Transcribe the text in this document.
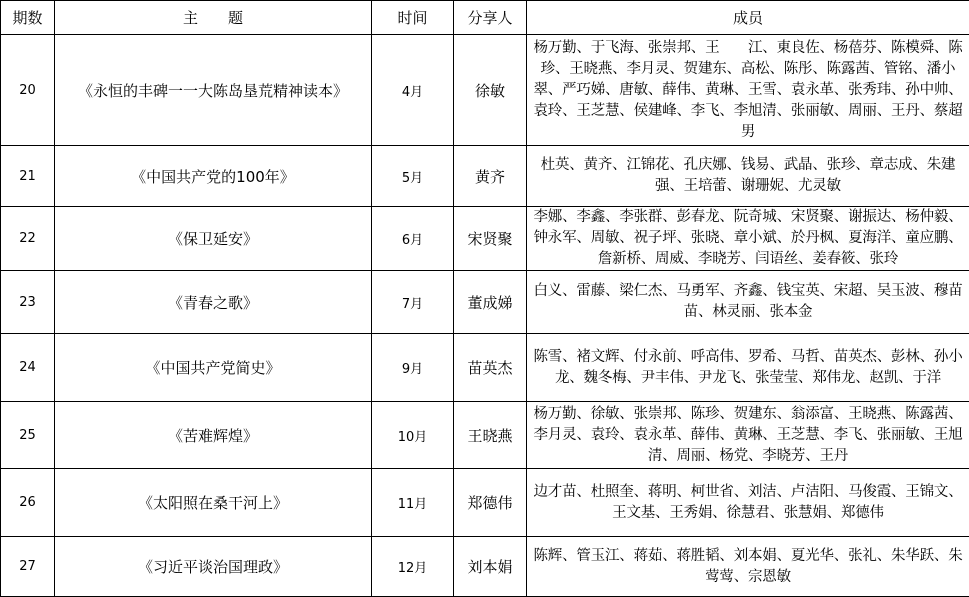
期数	主　　题	时间	分享人	成员
20	《永恒的丰碑一一大陈岛垦荒精神读本》	4月	徐敏	杨万勤、于飞海、张崇邦、王　　江、東良佐、杨蓓芬、陈模舜、陈珍、王晓燕、李月灵、贺建东、高松、陈彤、陈露茜、管铭、潘小翠、严巧娣、唐敏、薛伟、黄琳、王雪、袁永革、张秀玮、孙中帅、袁玲、王芝慧、侯建峰、李飞、李旭清、张丽敏、周丽、王丹、蔡超男
21	《中国共产党的100年》	5月	黄齐	杜英、黄齐、江锦花、孔庆娜、钱易、武晶、张珍、章志成、朱建强、王培蕾、谢珊妮、尤灵敏
22	《保卫延安》	6月	宋贤聚	李娜、李鑫、李张群、彭春龙、阮奇城、宋贤聚、谢振达、杨仲毅、钟永军、周敏、祝子坪、张晓、章小斌、於丹枫、夏海洋、童应鹏、詹新桥、周威、李晓芳、闫语丝、姜春筱、张玲
23	《青春之歌》	7月	董成娣	白义、雷藤、梁仁杰、马勇军、齐鑫、钱宝英、宋超、吴玉波、穆苗苗、林灵丽、张本金
24	《中国共产党简史》	9月	苗英杰	陈雪、褚文辉、付永前、呼高伟、罗希、马哲、苗英杰、彭林、孙小龙、魏冬梅、尹丰伟、尹龙飞、张莹莹、郑伟龙、赵凯、于洋
25	《苦难辉煌》	10月	王晓燕	杨万勤、徐敏、张崇邦、陈珍、贺建东、翁添富、王晓燕、陈露茜、李月灵、袁玲、袁永革、薛伟、黄琳、王芝慧、李飞、张丽敏、王旭清、周丽、杨党、李晓芳、王丹
26	《太阳照在桑干河上》	11月	郑德伟	边才苗、杜照奎、蒋明、柯世省、刘洁、卢洁阳、马俊霞、王锦文、王文基、王秀娟、徐慧君、张慧娟、郑德伟
27	《习近平谈治国理政》	12月	刘本娟	陈辉、管玉江、蒋茹、蒋胜韬、刘本娟、夏光华、张礼、朱华跃、朱莺莺、宗恩敏
